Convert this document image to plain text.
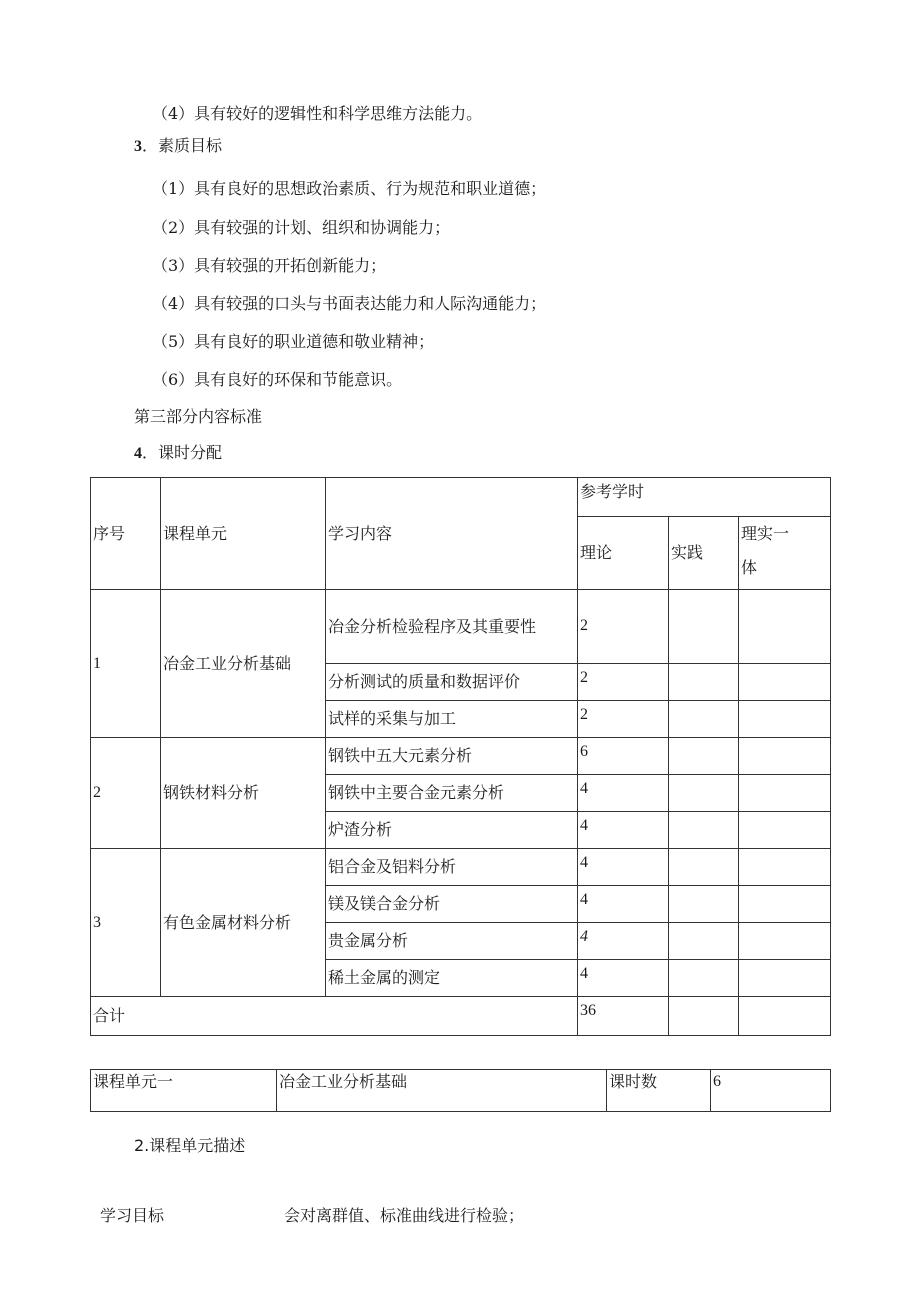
（4）具有较好的逻辑性和科学思维方法能力。
3．素质目标
（1）具有良好的思想政治素质、行为规范和职业道德；
（2）具有较强的计划、组织和协调能力；
（3）具有较强的开拓创新能力；
（4）具有较强的口头与书面表达能力和人际沟通能力；
（5）具有良好的职业道德和敬业精神；
（6）具有良好的环保和节能意识。
第三部分内容标准
4．课时分配
序号	课程单元	学习内容	参考学时		
			理论	实践	理实一
体
1	冶金工业分析基础	冶金分析检验程序及其重要性	2		
		分析测试的质量和数据评价	2		
		试样的采集与加工	2		
2	钢铁材料分析	钢铁中五大元素分析	6		
		钢铁中主要合金元素分析	4		
		炉渣分析	4		
3	有色金属材料分析	铝合金及铝料分析	4		
		镁及镁合金分析	4		
		贵金属分析	4		
		稀土金属的测定	4		
合计			36		
课程单元一	冶金工业分析基础	课时数	6
2.课程单元描述
学习目标	会对离群值、标准曲线进行检验；
